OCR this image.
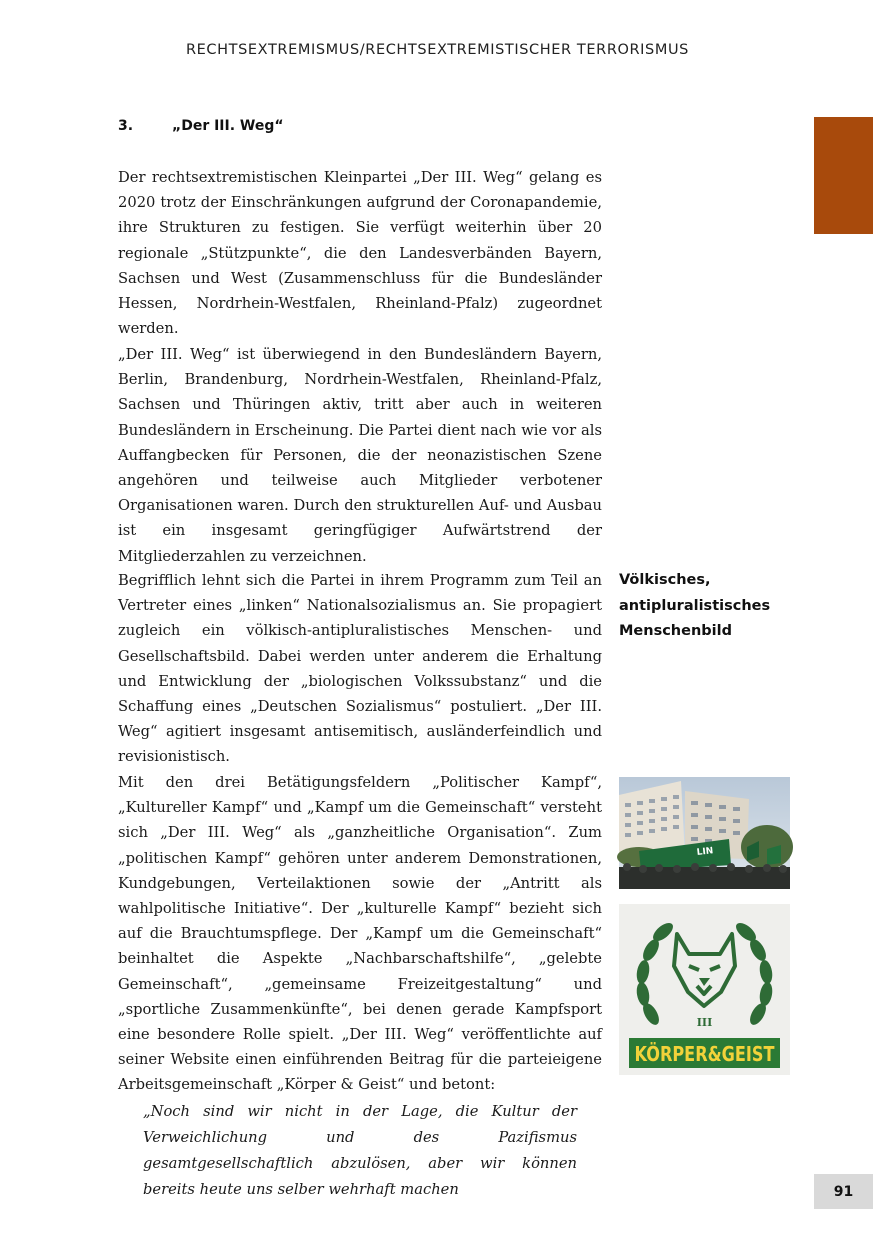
RECHTSEXTREMISMUS/RECHTSEXTREMISTISCHER TERRORISMUS
3.	„Der III. Weg“

Der rechtsextremistischen Kleinpartei „Der III. Weg“ gelang es 2020 trotz der Einschränkungen aufgrund der Coronapandemie, ihre Strukturen zu festigen. Sie verfügt weiterhin über 20 regionale „Stützpunkte“, die den Landesverbänden Bayern, Sachsen und West (Zusammenschluss für die Bundesländer Hessen, Nordrhein-Westfalen, Rheinland-Pfalz) zugeordnet werden.

„Der III. Weg“ ist überwiegend in den Bundesländern Bayern, Berlin, Brandenburg, Nordrhein-Westfalen, Rheinland-Pfalz, Sachsen und Thüringen aktiv, tritt aber auch in weiteren Bundesländern in Erscheinung. Die Partei dient nach wie vor als Auffangbecken für Personen, die der neonazistischen Szene angehören und teilweise auch Mitglieder verbotener Organisationen waren. Durch den strukturellen Auf- und Ausbau ist ein insgesamt geringfügiger Aufwärtstrend der Mitgliederzahlen zu verzeichnen.

Begrifflich lehnt sich die Partei in ihrem Programm zum Teil an Vertreter eines „linken“ Nationalsozialismus an. Sie propagiert zugleich ein völkisch-antipluralistisches Menschen- und Gesellschaftsbild. Dabei werden unter anderem die Erhaltung und Entwicklung der „biologischen Volkssubstanz“ und die Schaffung eines „Deutschen Sozialismus“ postuliert. „Der III. Weg“ agitiert insgesamt antisemitisch, ausländerfeindlich und revisionistisch.

Mit den drei Betätigungsfeldern „Politischer Kampf“, „Kultureller Kampf“ und „Kampf um die Gemeinschaft“ versteht sich „Der III. Weg“ als „ganzheitliche Organisation“. Zum „politischen Kampf“ gehören unter anderem Demonstrationen, Kundgebungen, Verteilaktionen sowie der „Antritt als wahlpolitische Initiative“. Der „kulturelle Kampf“ bezieht sich auf die Brauchtumspflege. Der „Kampf um die Gemeinschaft“ beinhaltet die Aspekte „Nachbarschaftshilfe“, „gelebte Gemeinschaft“, „gemeinsame Freizeitgestaltung“ und „sportliche Zusammenkünfte“, bei denen gerade Kampfsport eine besondere Rolle spielt. „Der III. Weg“ veröffentlichte auf seiner Website einen einführenden Beitrag für die parteieigene Arbeitsgemeinschaft „Körper & Geist“ und betont:

„Noch sind wir nicht in der Lage, die Kultur der Verweichlichung und des Pazifismus gesamtgesellschaftlich abzulösen, aber wir können bereits heute uns selber wehrhaft machen

Völkisches, antipluralistisches Menschenbild
LIN
III
KÖRPER&GEIST
91
